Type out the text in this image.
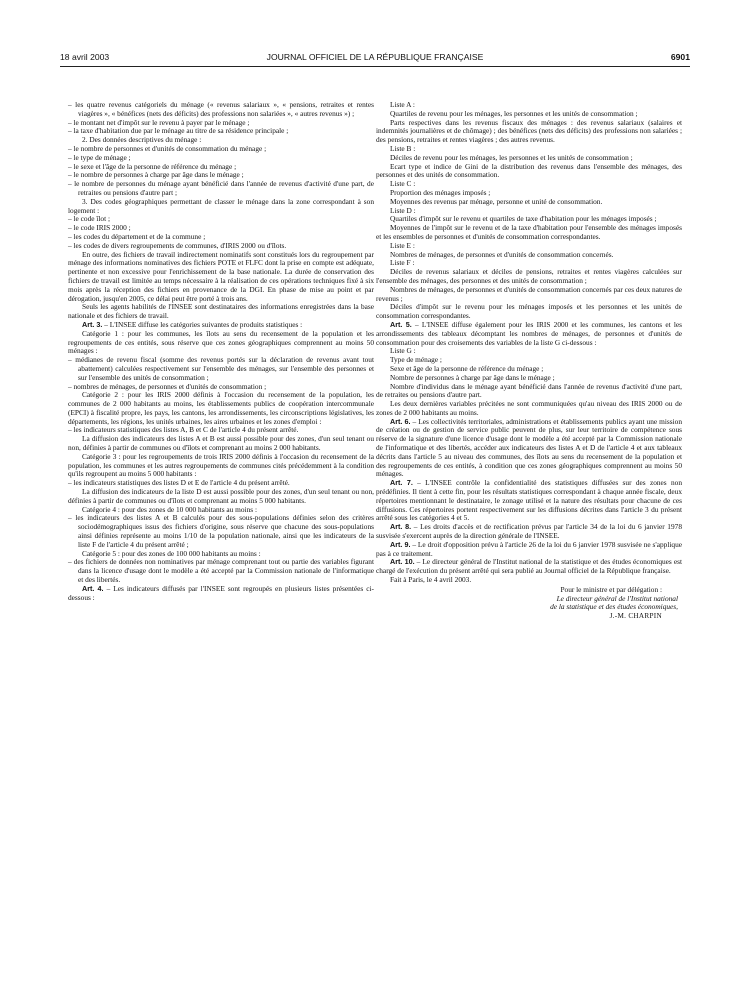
18 avril 2003	JOURNAL OFFICIEL DE LA RÉPUBLIQUE FRANÇAISE	6901

– les quatre revenus catégoriels du ménage (« revenus salariaux », « pensions, retraites et rentes viagères », « bénéfices (nets des déficits) des professions non salariées », « autres revenus ») ;

– le montant net d'impôt sur le revenu à payer par le ménage ;

– la taxe d'habitation due par le ménage au titre de sa résidence principale ;

2. Des données descriptives du ménage :

– le nombre de personnes et d'unités de consommation du ménage ;

– le type de ménage ;

– le sexe et l'âge de la personne de référence du ménage ;

– le nombre de personnes à charge par âge dans le ménage ;

– le nombre de personnes du ménage ayant bénéficié dans l'année de revenus d'activité d'une part, de retraites ou pensions d'autre part ;

3. Des codes géographiques permettant de classer le ménage dans la zone correspondant à son logement :

– le code îlot ;

– le code IRIS 2000 ;

– les codes du département et de la commune ;

– les codes de divers regroupements de communes, d'IRIS 2000 ou d'îlots.

En outre, des fichiers de travail indirectement nominatifs sont constitués lors du regroupement par ménage des informations nominatives des fichiers POTE et FLFC dont la prise en compte est adéquate, pertinente et non excessive pour l'enrichissement de la base nationale. La durée de conservation des fichiers de travail est limitée au temps nécessaire à la réalisation de ces opérations techniques fixé à six mois après la réception des fichiers en provenance de la DGI. En phase de mise au point et par dérogation, jusqu'en 2005, ce délai peut être porté à trois ans.

Seuls les agents habilités de l'INSEE sont destinataires des informations enregistrées dans la base nationale et des fichiers de travail.

Art. 3. – L'INSEE diffuse les catégories suivantes de produits statistiques :

Catégorie 1 : pour les communes, les îlots au sens du recensement de la population et les regroupements de ces entités, sous réserve que ces zones géographiques comprennent au moins 50 ménages :

– médianes de revenu fiscal (somme des revenus portés sur la déclaration de revenus avant tout abattement) calculées respectivement sur l'ensemble des ménages, sur l'ensemble des personnes et sur l'ensemble des unités de consommation ;

– nombres de ménages, de personnes et d'unités de consommation ;

Catégorie 2 : pour les IRIS 2000 définis à l'occasion du recensement de la population, les communes de 2 000 habitants au moins, les établissements publics de coopération intercommunale (EPCI) à fiscalité propre, les pays, les cantons, les arrondissements, les circonscriptions législatives, les départements, les régions, les unités urbaines, les aires urbaines et les zones d'emploi :

– les indicateurs statistiques des listes A, B et C de l'article 4 du présent arrêté.

La diffusion des indicateurs des listes A et B est aussi possible pour des zones, d'un seul tenant ou non, définies à partir de communes ou d'îlots et comprenant au moins 2 000 habitants.

Catégorie 3 : pour les regroupements de trois IRIS 2000 définis à l'occasion du recensement de la population, les communes et les autres regroupements de communes cités précédemment à la condition qu'ils regroupent au moins 5 000 habitants :

– les indicateurs statistiques des listes D et E de l'article 4 du présent arrêté.

La diffusion des indicateurs de la liste D est aussi possible pour des zones, d'un seul tenant ou non, définies à partir de communes ou d'îlots et comprenant au moins 5 000 habitants.

Catégorie 4 : pour des zones de 10 000 habitants au moins :

– les indicateurs des listes A et B calculés pour des sous-populations définies selon des critères sociodémographiques issus des fichiers d'origine, sous réserve que chacune des sous-populations ainsi définies représente au moins 1/10 de la population nationale, ainsi que les indicateurs de la liste F de l'article 4 du présent arrêté ;

Catégorie 5 : pour des zones de 100 000 habitants au moins :

– des fichiers de données non nominatives par ménage comprenant tout ou partie des variables figurant dans la licence d'usage dont le modèle a été accepté par la Commission nationale de l'informatique et des libertés.

Art. 4. – Les indicateurs diffusés par l'INSEE sont regroupés en plusieurs listes présentées ci-dessous :

Liste A :

Quartiles de revenu pour les ménages, les personnes et les unités de consommation ;

Parts respectives dans les revenus fiscaux des ménages : des revenus salariaux (salaires et indemnités journalières et de chômage) ; des bénéfices (nets des déficits) des professions non salariées ; des pensions, retraites et rentes viagères ; des autres revenus.

Liste B :

Déciles de revenu pour les ménages, les personnes et les unités de consommation ;

Ecart type et indice de Gini de la distribution des revenus dans l'ensemble des ménages, des personnes et des unités de consommation.

Liste C :

Proportion des ménages imposés ;

Moyennes des revenus par ménage, personne et unité de consommation.

Liste D :

Quartiles d'impôt sur le revenu et quartiles de taxe d'habitation pour les ménages imposés ;

Moyennes de l'impôt sur le revenu et de la taxe d'habitation pour l'ensemble des ménages imposés et les ensembles de personnes et d'unités de consommation correspondantes.

Liste E :

Nombres de ménages, de personnes et d'unités de consommation concernés.

Liste F :

Déciles de revenus salariaux et déciles de pensions, retraites et rentes viagères calculées sur l'ensemble des ménages, des personnes et des unités de consommation ;

Nombres de ménages, de personnes et d'unités de consommation concernés par ces deux natures de revenus ;

Déciles d'impôt sur le revenu pour les ménages imposés et les personnes et les unités de consommation correspondantes.

Art. 5. – L'INSEE diffuse également pour les IRIS 2000 et les communes, les cantons et les arrondissements des tableaux décomptant les nombres de ménages, de personnes et d'unités de consommation pour des croisements des variables de la liste G ci-dessous :

Liste G :

Type de ménage ;

Sexe et âge de la personne de référence du ménage ;

Nombre de personnes à charge par âge dans le ménage ;

Nombre d'individus dans le ménage ayant bénéficié dans l'année de revenus d'activité d'une part, de retraites ou pensions d'autre part.

Les deux dernières variables précitées ne sont communiquées qu'au niveau des IRIS 2000 ou de zones de 2 000 habitants au moins.

Art. 6. – Les collectivités territoriales, administrations et établissements publics ayant une mission de création ou de gestion de service public peuvent de plus, sur leur territoire de compétence sous réserve de la signature d'une licence d'usage dont le modèle a été accepté par la Commission nationale de l'informatique et des libertés, accéder aux indicateurs des listes A et D de l'article 4 et aux tableaux décrits dans l'article 5 au niveau des communes, des îlots au sens du recensement de la population et des regroupements de ces entités, à condition que ces zones géographiques comprennent au moins 50 ménages.

Art. 7. – L'INSEE contrôle la confidentialité des statistiques diffusées sur des zones non prédéfinies. Il tient à cette fin, pour les résultats statistiques correspondant à chaque année fiscale, deux répertoires mentionnant le destinataire, le zonage utilisé et la nature des résultats pour chacune de ces diffusions. Ces répertoires portent respectivement sur les diffusions décrites dans l'article 3 du présent arrêté sous les catégories 4 et 5.

Art. 8. – Les droits d'accès et de rectification prévus par l'article 34 de la loi du 6 janvier 1978 susvisée s'exercent auprès de la direction générale de l'INSEE.

Art. 9. – Le droit d'opposition prévu à l'article 26 de la loi du 6 janvier 1978 susvisée ne s'applique pas à ce traitement.

Art. 10. – Le directeur général de l'Institut national de la statistique et des études économiques est chargé de l'exécution du présent arrêté qui sera publié au Journal officiel de la République française.

Fait à Paris, le 4 avril 2003.

Pour le ministre et par délégation :

Le directeur général de l'Institut national

de la statistique et des études économiques,

J.-M. CHARPIN
